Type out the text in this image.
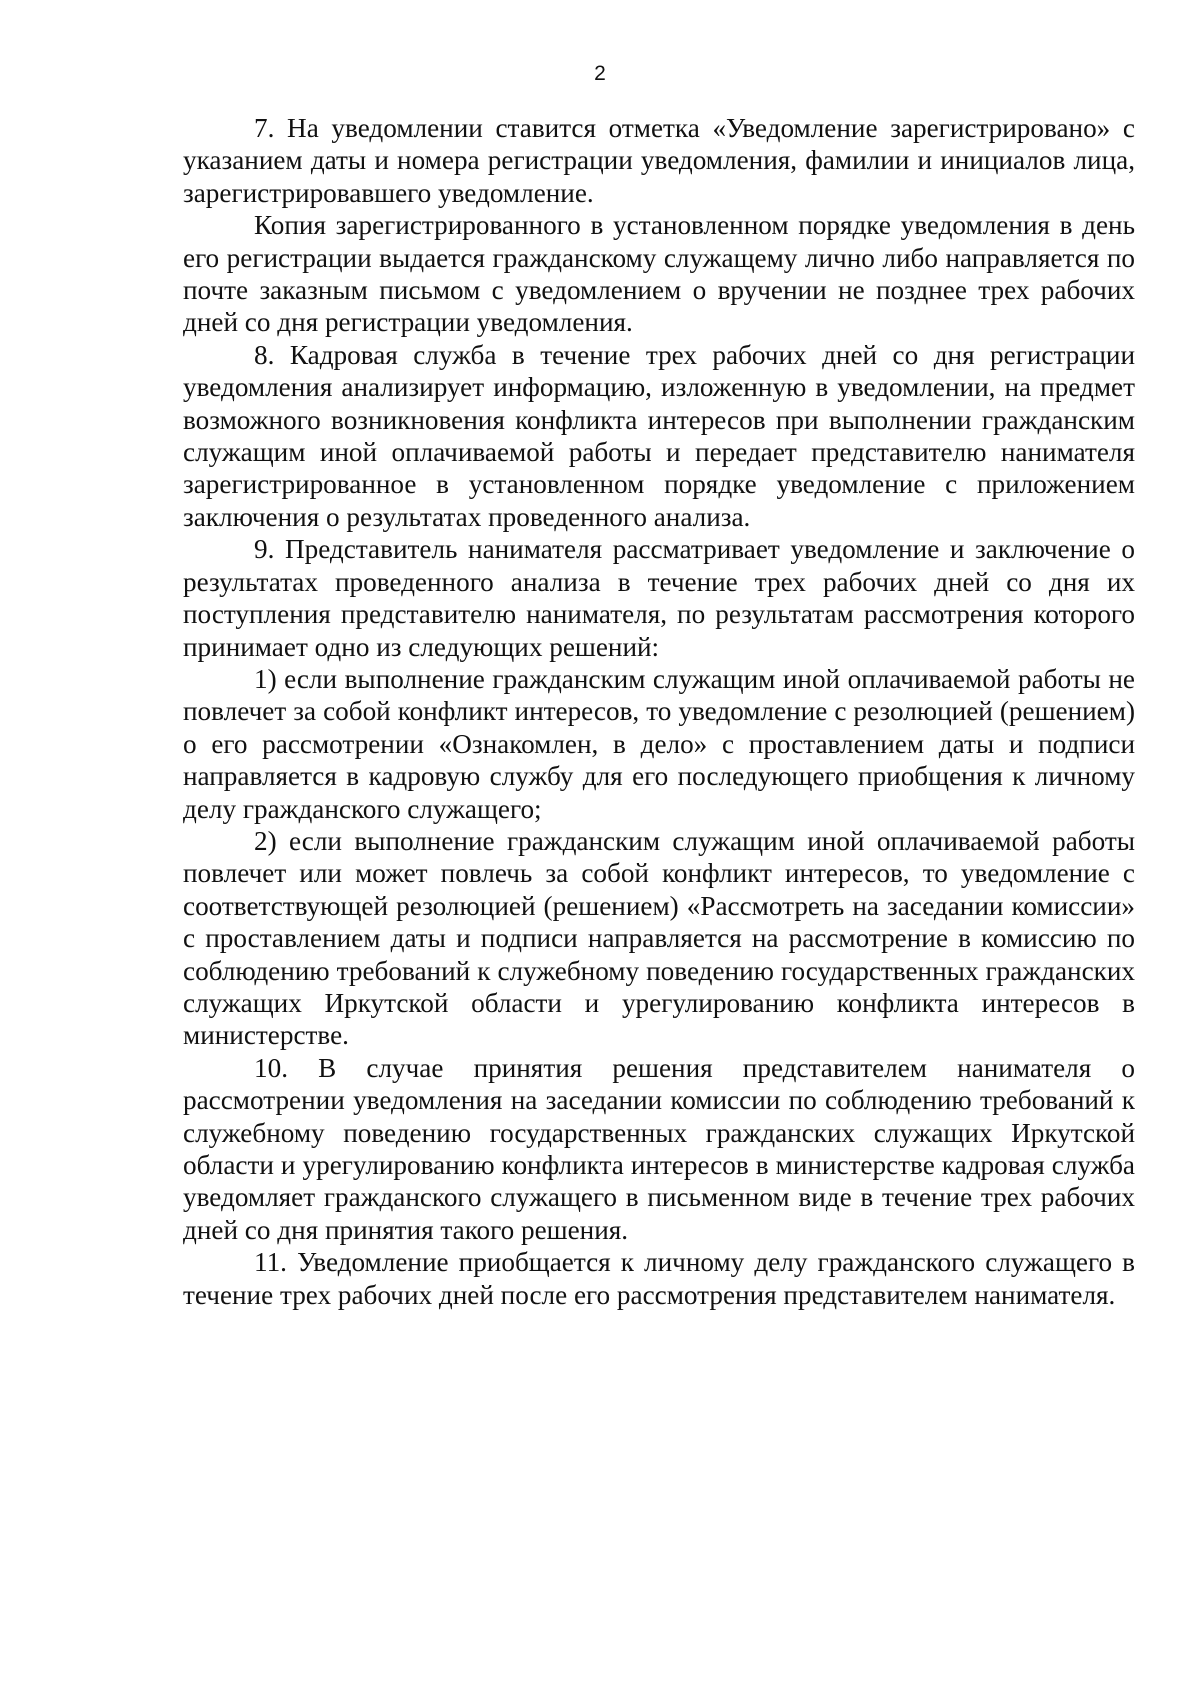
2

7. На уведомлении ставится отметка «Уведомление зарегистрировано» с указанием даты и номера регистрации уведомления, фамилии и инициалов лица, зарегистрировавшего уведомление.

Копия зарегистрированного в установленном порядке уведомления в день его регистрации выдается гражданскому служащему лично либо направляется по почте заказным письмом с уведомлением о вручении не позднее трех рабочих дней со дня регистрации уведомления.

8. Кадровая служба в течение трех рабочих дней со дня регистрации уведомления анализирует информацию, изложенную в уведомлении, на предмет возможного возникновения конфликта интересов при выполнении гражданским служащим иной оплачиваемой работы и передает представителю нанимателя зарегистрированное в установленном порядке уведомление с приложением заключения о результатах проведенного анализа.

9. Представитель нанимателя рассматривает уведомление и заключение о результатах проведенного анализа в течение трех рабочих дней со дня их поступления представителю нанимателя, по результатам рассмотрения которого принимает одно из следующих решений:

1) если выполнение гражданским служащим иной оплачиваемой работы не повлечет за собой конфликт интересов, то уведомление с резолюцией (решением) о его рассмотрении «Ознакомлен, в дело» с проставлением даты и подписи направляется в кадровую службу для его последующего приобщения к личному делу гражданского служащего;

2) если выполнение гражданским служащим иной оплачиваемой работы повлечет или может повлечь за собой конфликт интересов, то уведомление с соответствующей резолюцией (решением) «Рассмотреть на заседании комиссии» с проставлением даты и подписи направляется на рассмотрение в комиссию по соблюдению требований к служебному поведению государственных гражданских служащих Иркутской области и урегулированию конфликта интересов в министерстве.

10. В случае принятия решения представителем нанимателя о рассмотрении уведомления на заседании комиссии по соблюдению требований к служебному поведению государственных гражданских служащих Иркутской области и урегулированию конфликта интересов в министерстве кадровая служба уведомляет гражданского служащего в письменном виде в течение трех рабочих дней со дня принятия такого решения.

11. Уведомление приобщается к личному делу гражданского служащего в течение трех рабочих дней после его рассмотрения представителем нанимателя.
